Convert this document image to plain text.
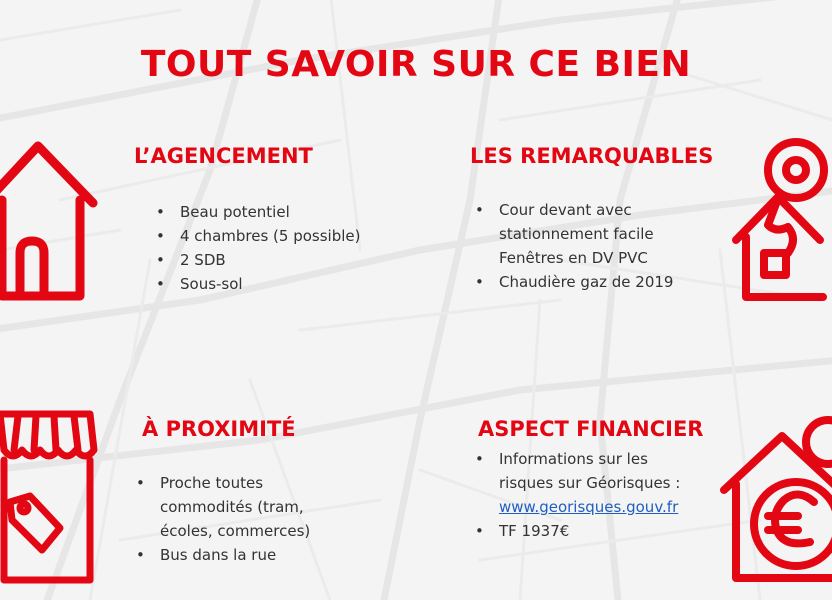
TOUT SAVOIR SUR CE BIEN
L’AGENCEMENT
• Beau potentiel
• 4 chambres (5 possible)
• 2 SDB
• Sous-sol
LES REMARQUABLES
• Cour devant avec
stationnement facile
Fenêtres en DV PVC
• Chaudière gaz de 2019
À PROXIMITÉ
• Proche toutes
commodités (tram,
écoles, commerces)
• Bus dans la rue
ASPECT FINANCIER
• Informations sur les
risques sur Géorisques :
www.georisques.gouv.fr
• TF 1937€
